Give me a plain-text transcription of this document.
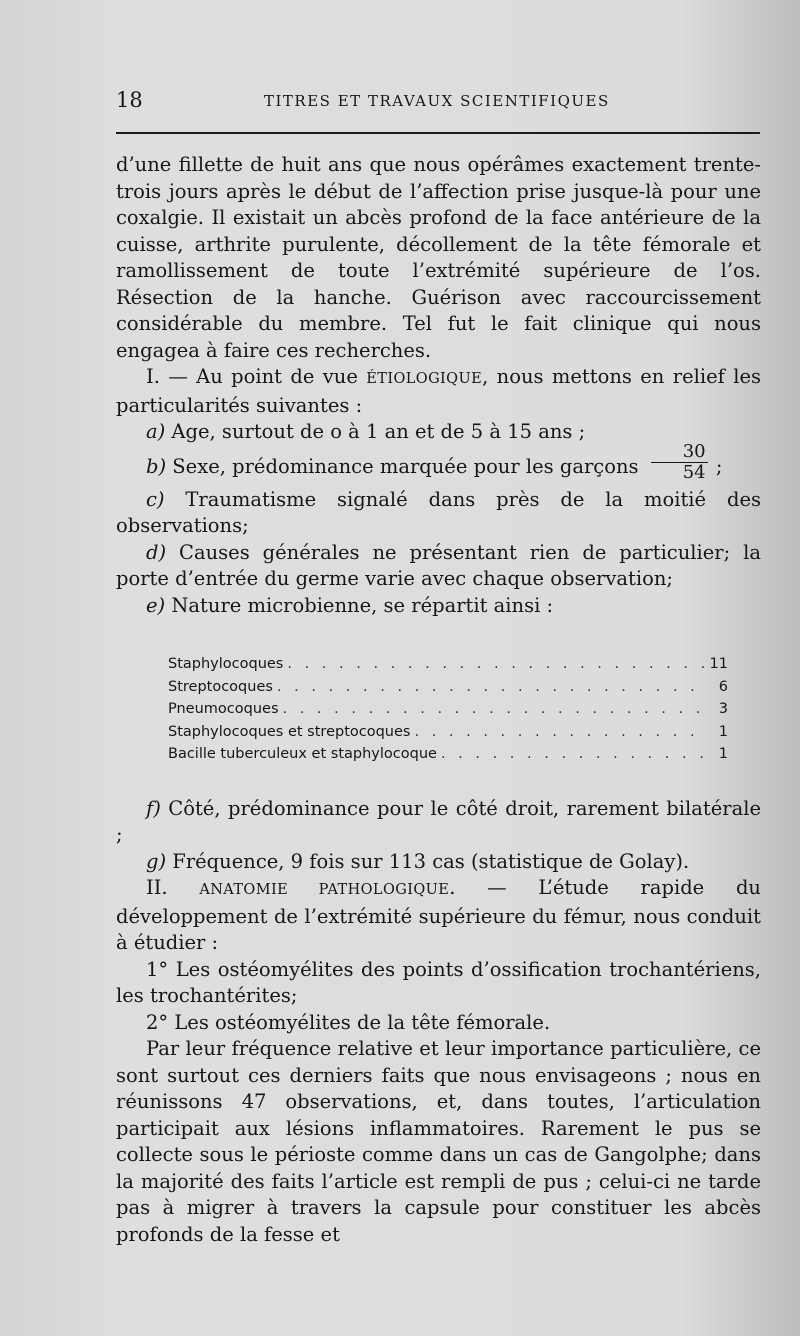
18	TITRES ET TRAVAUX SCIENTIFIQUES

d’une fillette de huit ans que nous opérâmes exactement trente-trois jours après le début de l’affection prise jusque-là pour une coxalgie. Il existait un abcès profond de la face antérieure de la cuisse, arthrite purulente, décollement de la tête fémorale et ramollissement de toute l’extrémité supérieure de l’os. Résection de la hanche. Guérison avec raccourcissement considérable du membre. Tel fut le fait clinique qui nous engagea à faire ces recherches.

I. — Au point de vue ÉTIOLOGIQUE, nous mettons en relief les particularités suivantes :

a) Age, surtout de o à 1 an et de 5 à 15 ans ;

b) Sexe, prédominance marquée pour les garçons $\frac{30}{54}$ ;

c) Traumatisme signalé dans près de la moitié des observations;

d) Causes générales ne présentant rien de particulier; la porte d’entrée du germe varie avec chaque observation;

e) Nature microbienne, se répartit ainsi :

Staphylocoques . . .	11
Streptocoques . . .	6
Pneumocoques . . .	3
Staphylocoques et streptocoques . . .	1
Bacille tuberculeux et staphylocoque . . .	1

f) Côté, prédominance pour le côté droit, rarement bilatérale ;

g) Fréquence, 9 fois sur 113 cas (statistique de Golay).

II. ANATOMIE PATHOLOGIQUE. — L’étude rapide du développement de l’extrémité supérieure du fémur, nous conduit à étudier :

1° Les ostéomyélites des points d’ossification trochantériens, les trochantérites;

2° Les ostéomyélites de la tête fémorale.

Par leur fréquence relative et leur importance particulière, ce sont surtout ces derniers faits que nous envisageons ; nous en réunissons 47 observations, et, dans toutes, l’articulation participait aux lésions inflammatoires. Rarement le pus se collecte sous le périoste comme dans un cas de Gangolphe; dans la majorité des faits l’article est rempli de pus ; celui-ci ne tarde pas à migrer à travers la capsule pour constituer les abcès profonds de la fesse et
